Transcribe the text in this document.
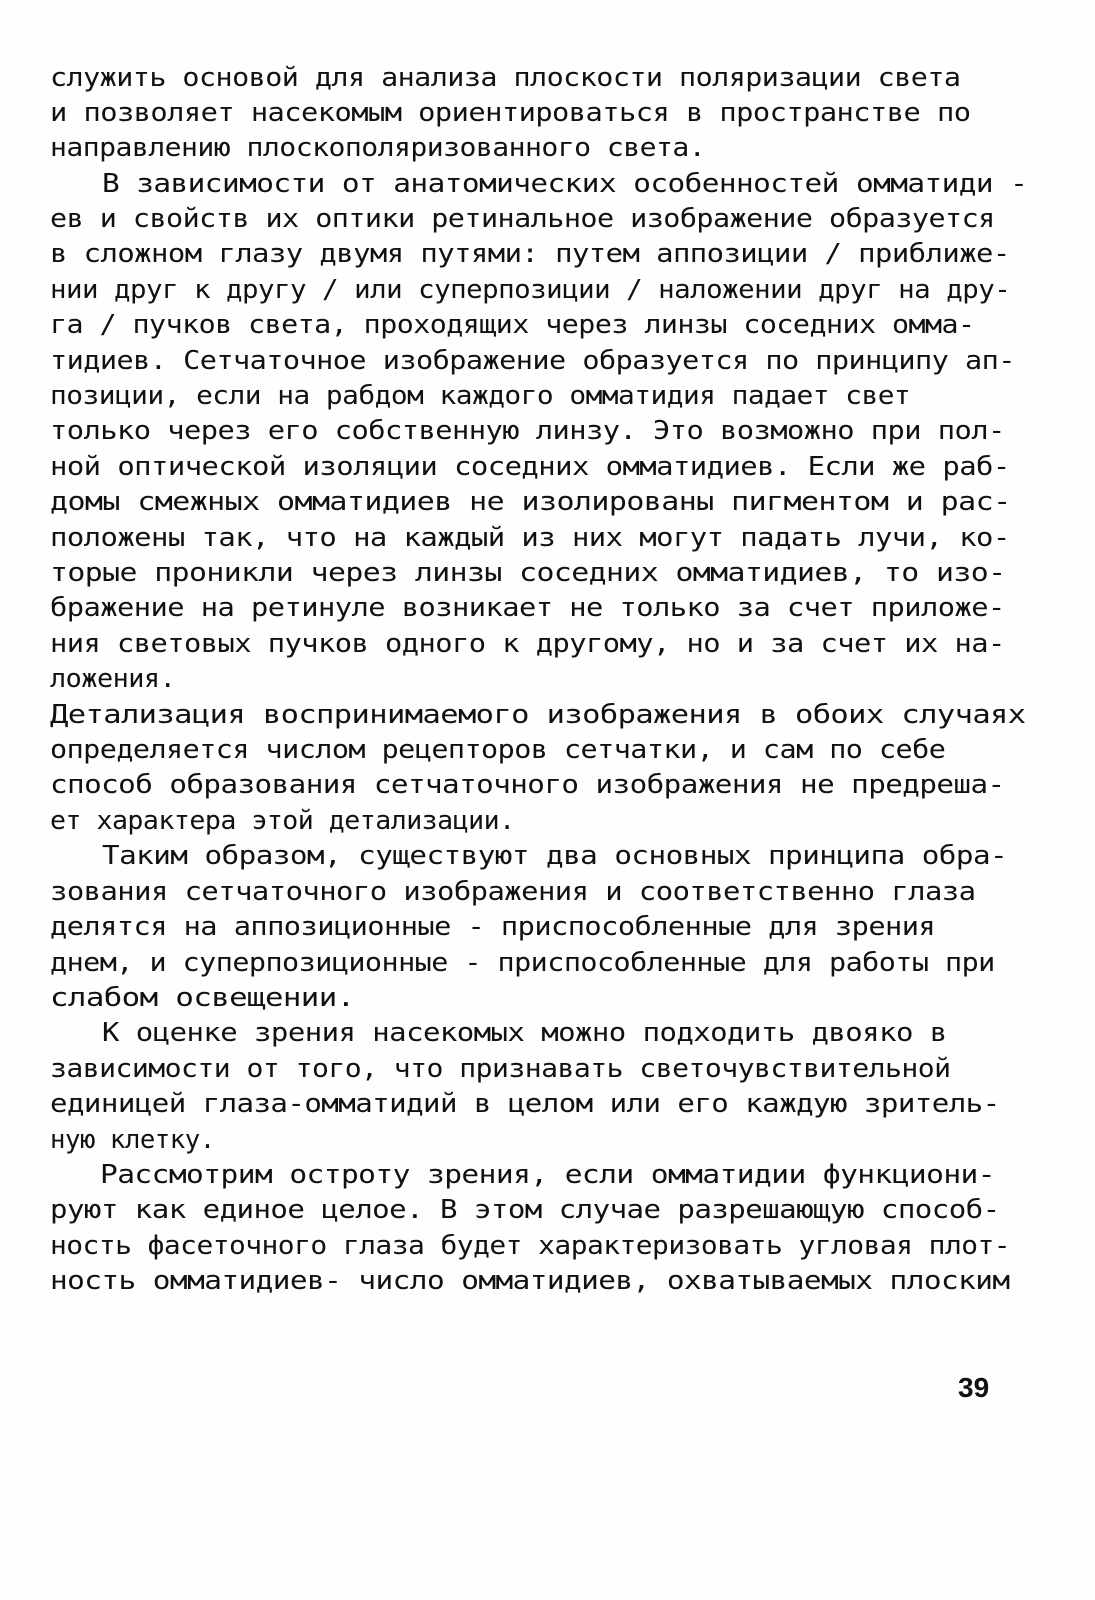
служить основой для анализа плоскости поляризации света
и позволяет насекомым ориентироваться в пространстве по
направлению плоскополяризованного света.
В зависимости от анатомических особенностей омматиди -
ев и свойств их оптики ретинальное изображение образуется
в сложном глазу двумя путями: путем аппозиции / приближе-
нии друг к другу / или суперпозиции / наложении друг на дру-
га / пучков света, проходящих через линзы соседних омма-
тидиев. Сетчаточное изображение образуется по принципу ап-
позиции, если на рабдом каждого омматидия падает свет
только через его собственную линзу. Это возможно при пол-
ной оптической изоляции соседних омматидиев. Если же раб-
домы смежных омматидиев не изолированы пигментом и рас-
положены так, что на каждый из них могут падать лучи, ко-
торые проникли через линзы соседних омматидиев, то изо-
бражение на ретинуле возникает не только за счет приложе-
ния световых пучков одного к другому, но и за счет их на-
ложения.
Детализация воспринимаемого изображения в обоих случаях
определяется числом рецепторов сетчатки, и сам по себе
способ образования сетчаточного изображения не предреша-
ет характера этой детализации.
Таким образом, существуют два основных принципа обра-
зования сетчаточного изображения и соответственно глаза
делятся на аппозиционные - приспособленные для зрения
днем, и суперпозиционные - приспособленные для работы при
слабом освещении.
К оценке зрения насекомых можно подходить двояко в
зависимости от того, что признавать светочувствительной
единицей глаза-омматидий в целом или его каждую зритель-
ную клетку.
Рассмотрим остроту зрения, если омматидии функциони-
руют как единое целое. В этом случае разрешающую способ-
ность фасеточного глаза будет характеризовать угловая плот-
ность омматидиев- число омматидиев, охватываемых плоским
39
